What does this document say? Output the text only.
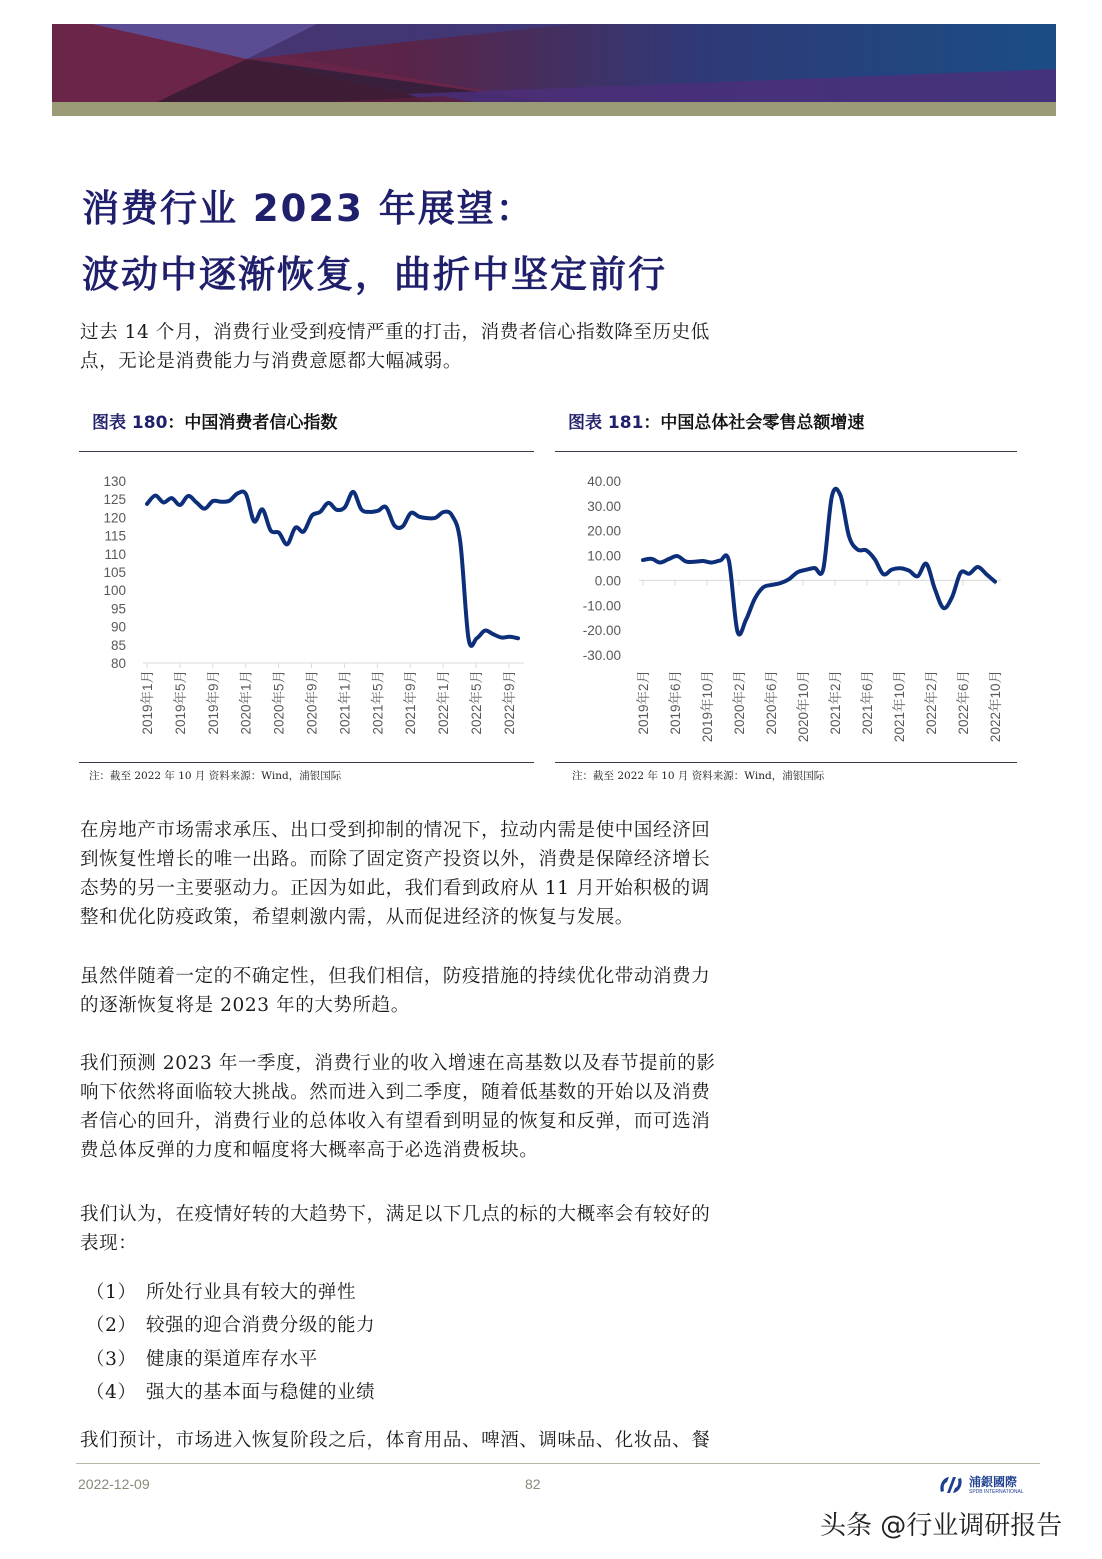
消费行业 2023 年展望：
波动中逐渐恢复，曲折中坚定前行
过去 14 个月，消费行业受到疫情严重的打击，消费者信心指数降至历史低
点，无论是消费能力与消费意愿都大幅减弱。
图表 180：中国消费者信心指数	图表 181：中国总体社会零售总额增速
130
125
120
115
110
105
100
95
90
85
80
2019年1月 2019年5月 2019年9月 2020年1月 2020年5月 2020年9月 2021年1月 2021年5月 2021年9月 2022年1月 2022年5月 2022年9月
40.00
30.00
20.00
10.00
0.00
-10.00
-20.00
-30.00
2019年2月 2019年6月 2019年10月 2020年2月 2020年6月 2020年10月 2021年2月 2021年6月 2021年10月 2022年2月 2022年6月 2022年10月
注：截至 2022 年 10 月 资料来源：Wind，浦银国际	注：截至 2022 年 10 月 资料来源：Wind，浦银国际
在房地产市场需求承压、出口受到抑制的情况下，拉动内需是使中国经济回
到恢复性增长的唯一出路。而除了固定资产投资以外，消费是保障经济增长
态势的另一主要驱动力。正因为如此，我们看到政府从 11 月开始积极的调
整和优化防疫政策，希望刺激内需，从而促进经济的恢复与发展。
虽然伴随着一定的不确定性，但我们相信，防疫措施的持续优化带动消费力
的逐渐恢复将是 2023 年的大势所趋。
我们预测 2023 年一季度，消费行业的收入增速在高基数以及春节提前的影
响下依然将面临较大挑战。然而进入到二季度，随着低基数的开始以及消费
者信心的回升，消费行业的总体收入有望看到明显的恢复和反弹，而可选消
费总体反弹的力度和幅度将大概率高于必选消费板块。
我们认为，在疫情好转的大趋势下，满足以下几点的标的大概率会有较好的
表现：
（1） 所处行业具有较大的弹性
（2） 较强的迎合消费分级的能力
（3） 健康的渠道库存水平
（4） 强大的基本面与稳健的业绩
我们预计，市场进入恢复阶段之后，体育用品、啤酒、调味品、化妆品、餐
2022-12-09	82	浦銀國際
SPDB INTERNATIONAL
头条 @行业调研报告
